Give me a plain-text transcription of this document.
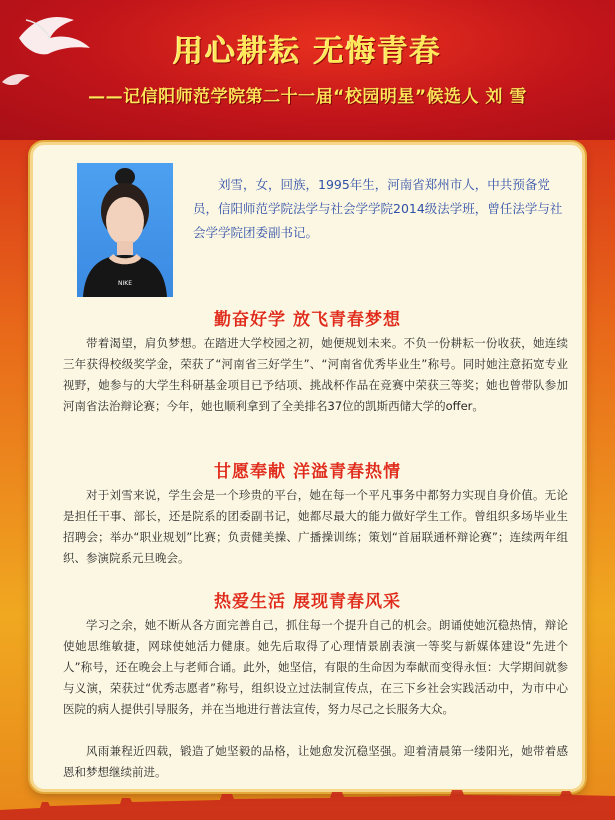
用心耕耘 无悔青春
——记信阳师范学院第二十一届“校园明星”候选人 刘 雪
NIKE
刘雪，女，回族，1995年生，河南省郑州市人，中共预备党员，信阳师范学院法学与社会学学院2014级法学班，曾任法学与社会学学院团委副书记。
勤奋好学 放飞青春梦想
带着渴望，肩负梦想。在踏进大学校园之初，她便规划未来。不负一份耕耘一份收获，她连续三年获得校级奖学金，荣获了“河南省三好学生”、“河南省优秀毕业生”称号。同时她注意拓宽专业视野，她参与的大学生科研基金项目已予结项、挑战杯作品在竞赛中荣获三等奖；她也曾带队参加河南省法治辩论赛；今年，她也顺利拿到了全美排名37位的凯斯西储大学的offer。
甘愿奉献 洋溢青春热情
对于刘雪来说，学生会是一个珍贵的平台，她在每一个平凡事务中都努力实现自身价值。无论是担任干事、部长，还是院系的团委副书记，她都尽最大的能力做好学生工作。曾组织多场毕业生招聘会；举办“职业规划”比赛；负责健美操、广播操训练；策划“首届联通杯辩论赛”；连续两年组织、参演院系元旦晚会。
热爱生活 展现青春风采
学习之余，她不断从各方面完善自己，抓住每一个提升自己的机会。朗诵使她沉稳热情，辩论使她思维敏捷，网球使她活力健康。她先后取得了心理情景剧表演一等奖与新媒体建设“先进个人”称号，还在晚会上与老师合诵。此外，她坚信，有限的生命因为奉献而变得永恒：大学期间就参与义演，荣获过“优秀志愿者”称号，组织设立过法制宣传点，在三下乡社会实践活动中，为市中心医院的病人提供引导服务，并在当地进行普法宣传，努力尽己之长服务大众。
风雨兼程近四载，锻造了她坚毅的品格，让她愈发沉稳坚强。迎着清晨第一缕阳光，她带着感恩和梦想继续前进。
